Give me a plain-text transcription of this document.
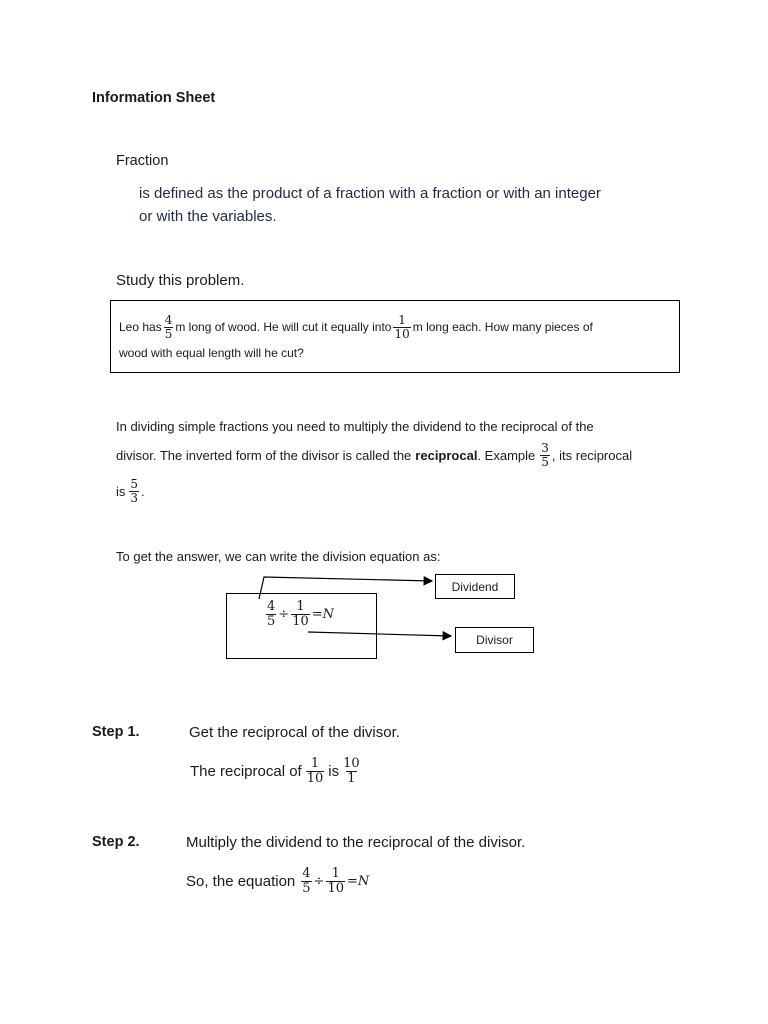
Information Sheet
Fraction
is defined as the product of a fraction with a fraction or with an integer
or with the variables.
Study this problem.
Leo has $\frac{4}{5}$ m long of wood. He will cut it equally into $\frac{1}{10}$ m long each. How many pieces of
wood with equal length will he cut?
In dividing simple fractions you need to multiply the dividend to the reciprocal of the
divisor. The inverted form of the divisor is called the reciprocal . Example $\frac{3}{5}$ , its reciprocal
is $\frac{5}{3}$ .
To get the answer, we can write the division equation as:
$\frac{4}{5} \div \frac{1}{10} = N$
Dividend
Divisor
Step 1.	Get the reciprocal of the divisor.
The reciprocal of $\frac{1}{10}$ is $\frac{10}{1}$
Step 2.	Multiply the dividend to the reciprocal of the divisor.
So, the equation $\frac{4}{5} \div \frac{1}{10} = N$
